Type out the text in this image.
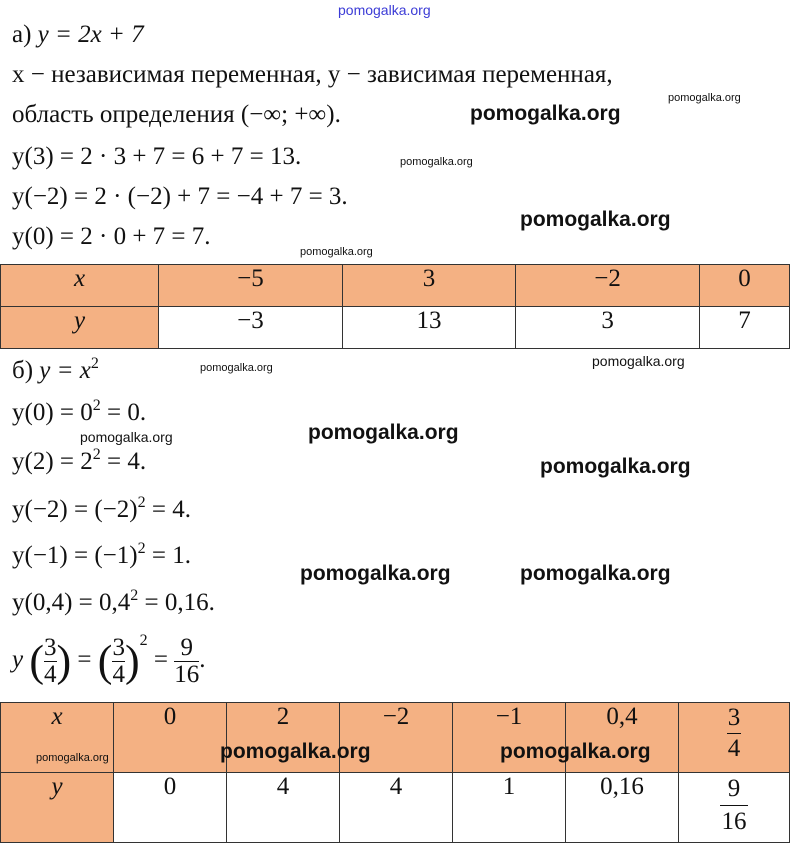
pomogalka.org
а) y = 2x + 7
x − независимая переменная, y − зависимая переменная,
область определения (−∞; +∞).
y(3) = 2 · 3 + 7 = 6 + 7 = 13.
y(−2) = 2 · (−2) + 7 = −4 + 7 = 3.
y(0) = 2 · 0 + 7 = 7.
x	−5	3	−2	0
y	−3	13	3	7
б) $y = x^2$
$y(0) = 0^2 = 0$.
$y(2) = 2^2 = 4$.
$y(-2) = (-2)^2 = 4$.
$y(-1) = (-1)^2 = 1$.
$y(0,4) = 0,4^2 = 0,16$.
y ( $\frac{3}{4}$ ) = ( $\frac{3}{4} )^2 = \frac{9}{16}$ .
x	0	2	−2	−1	0,4	$\frac{3}{4}$

y	0	4	4	1	0,16	$\frac{9}{16}$
pomogalka.org
pomogalka.org
pomogalka.org
pomogalka.org
pomogalka.org
pomogalka.org
pomogalka.org	pomogalka.org
pomogalka.org	pomogalka.org
pomogalka.org	pomogalka.org
pomogalka.org	pomogalka.org
pomogalka.org
